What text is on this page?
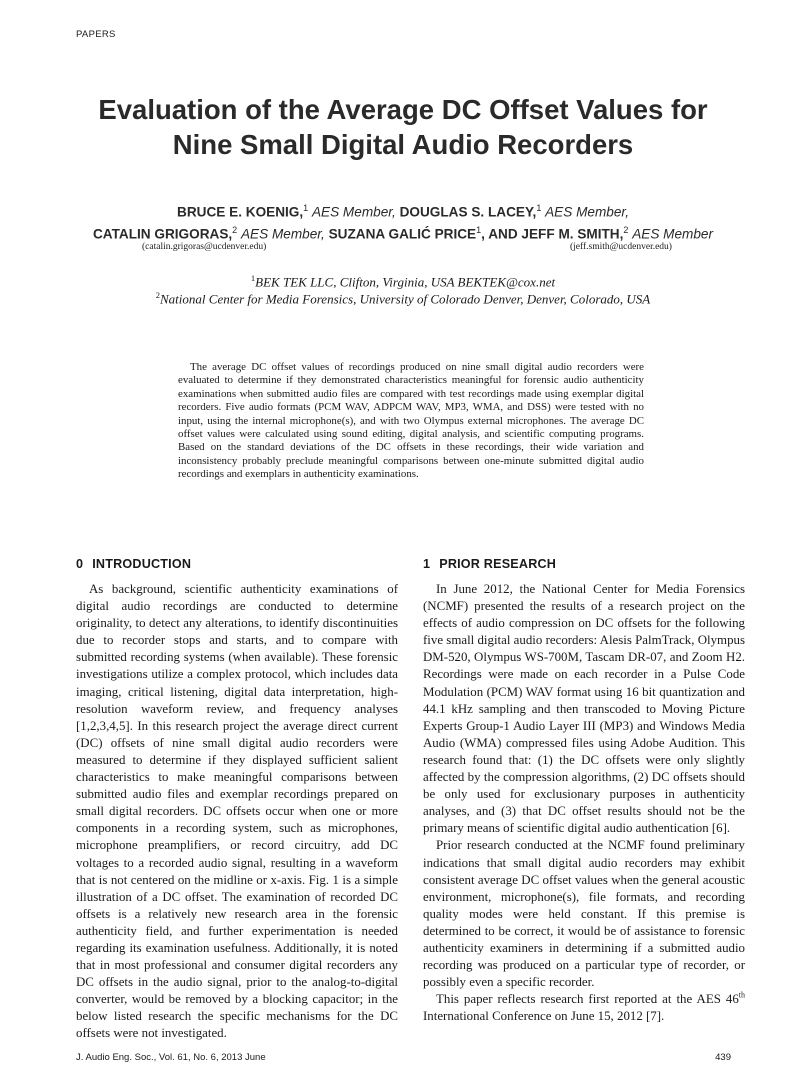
PAPERS
Evaluation of the Average DC Offset Values for
Nine Small Digital Audio Recorders
BRUCE E. KOENIG,$^1$ AES Member, DOUGLAS S. LACEY,$^1$ AES Member,
CATALIN GRIGORAS,$^2$ AES Member, SUZANA GALIĆ PRICE$^1$, AND JEFF M. SMITH,$^2$ AES Member
(catalin.grigoras@ucdenver.edu)	(jeff.smith@ucdenver.edu)
$^1$BEK TEK LLC, Clifton, Virginia, USA BEKTEK@cox.net
$^2$National Center for Media Forensics, University of Colorado Denver, Denver, Colorado, USA
The average DC offset values of recordings produced on nine small digital audio recorders were evaluated to determine if they demonstrated characteristics meaningful for forensic audio authenticity examinations when submitted audio files are compared with test recordings made using exemplar digital recorders. Five audio formats (PCM WAV, ADPCM WAV, MP3, WMA, and DSS) were tested with no input, using the internal microphone(s), and with two Olympus external microphones. The average DC offset values were calculated using sound editing, digital analysis, and scientific computing programs. Based on the standard deviations of the DC offsets in these recordings, their wide variation and inconsistency probably preclude meaningful comparisons between one-minute submitted digital audio recordings and exemplars in authenticity examinations.
0 INTRODUCTION

As background, scientific authenticity examinations of digital audio recordings are conducted to determine originality, to detect any alterations, to identify discontinuities due to recorder stops and starts, and to compare with submitted recording systems (when available). These forensic investigations utilize a complex protocol, which includes data imaging, critical listening, digital data interpretation, high-resolution waveform review, and frequency analyses [1,2,3,4,5]. In this research project the average direct current (DC) offsets of nine small digital audio recorders were measured to determine if they displayed sufficient salient characteristics to make meaningful comparisons between submitted audio files and exemplar recordings prepared on small digital recorders. DC offsets occur when one or more components in a recording system, such as microphones, microphone preamplifiers, or record circuitry, add DC voltages to a recorded audio signal, resulting in a waveform that is not centered on the midline or x-axis. Fig. 1 is a simple illustration of a DC offset. The examination of recorded DC offsets is a relatively new research area in the forensic authenticity field, and further experimentation is needed regarding its examination usefulness. Additionally, it is noted that in most professional and consumer digital recorders any DC offsets in the audio signal, prior to the analog-to-digital converter, would be removed by a blocking capacitor; in the below listed research the specific mechanisms for the DC offsets were not investigated.

1 PRIOR RESEARCH

In June 2012, the National Center for Media Forensics (NCMF) presented the results of a research project on the effects of audio compression on DC offsets for the following five small digital audio recorders: Alesis PalmTrack, Olympus DM-520, Olympus WS-700M, Tascam DR-07, and Zoom H2. Recordings were made on each recorder in a Pulse Code Modulation (PCM) WAV format using 16 bit quantization and 44.1 kHz sampling and then transcoded to Moving Picture Experts Group-1 Audio Layer III (MP3) and Windows Media Audio (WMA) compressed files using Adobe Audition. This research found that: (1) the DC offsets were only slightly affected by the compression algorithms, (2) DC offsets should be only used for exclusionary purposes in authenticity analyses, and (3) that DC offset results should not be the primary means of scientific digital audio authentication [6].

Prior research conducted at the NCMF found preliminary indications that small digital audio recorders may exhibit consistent average DC offset values when the general acoustic environment, microphone(s), file formats, and recording quality modes were held constant. If this premise is determined to be correct, it would be of assistance to forensic authenticity examiners in determining if a submitted audio recording was produced on a particular type of recorder, or possibly even a specific recorder.

This paper reflects research first reported at the AES 46th International Conference on June 15, 2012 [7].

J. Audio Eng. Soc., Vol. 61, No. 6, 2013 June	439
